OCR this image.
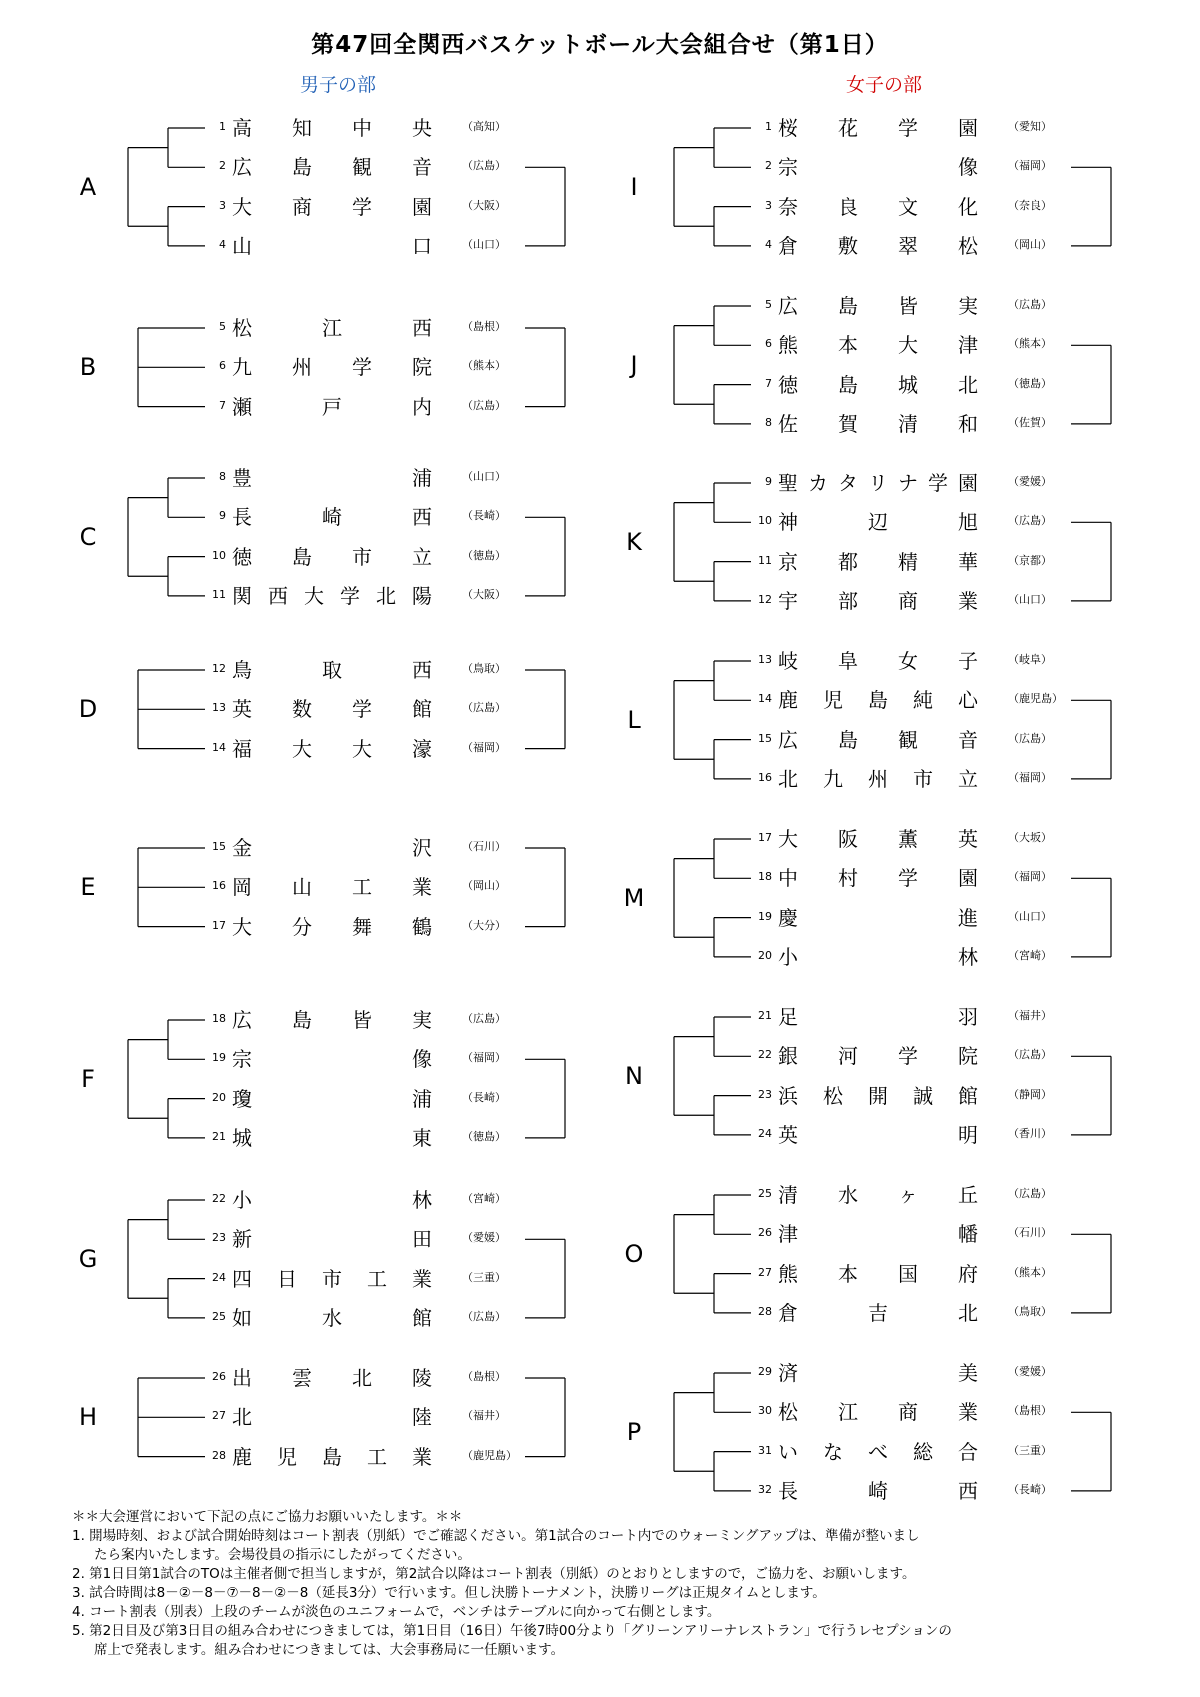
第47回全関西バスケットボール大会組合せ（第1日）
男子の部	女子の部
A
1 高 知 中 央	（高知）
2 広 島 観 音	（広島）
3 大 商 学 園	（大阪）
4 山	口	（山口）
B
5 松	江	西	（島根）
6 九 州 学 院	（熊本）
7 瀬	戸	内	（広島）
C
8 豊	浦	（山口）
9 長	崎	西	（長崎）
10 徳 島 市 立	（徳島）
11 関 西 大 学 北 陽	（大阪）
D
12 鳥	取	西	（鳥取）
13 英 数 学 館	（広島）
14 福 大 大 濠	（福岡）
E
15 金	沢	（石川）
16 岡 山 工 業	（岡山）
17 大 分 舞 鶴	（大分）
F
18 広 島 皆 実	（広島）
19 宗	像	（福岡）
20 瓊	浦	（長崎）
21 城	東	（徳島）
G
22 小	林	（宮崎）
23 新	田	（愛媛）
24 四 日 市 工 業	（三重）
25 如	水	館	（広島）
H
26 出 雲 北 陵	（島根）
27 北	陸	（福井）
28 鹿 児 島 工 業	（鹿児島）
I
1 桜 花 学 園	（愛知）
2 宗	像	（福岡）
3 奈 良 文 化	（奈良）
4 倉 敷 翠 松	（岡山）
J
5 広 島 皆 実	（広島）
6 熊 本 大 津	（熊本）
7 徳 島 城 北	（徳島）
8 佐 賀 清 和	（佐賀）
K
9 聖 カ タ リ ナ 学 園	（愛媛）
10 神	辺	旭	（広島）
11 京 都 精 華	（京都）
12 宇 部 商 業	（山口）
L
13 岐 阜 女 子	（岐阜）
14 鹿 児 島 純 心	（鹿児島）
15 広 島 観 音	（広島）
16 北 九 州 市 立	（福岡）
M
17 大 阪 薫 英	（大坂）
18 中 村 学 園	（福岡）
19 慶	進	（山口）
20 小	林	（宮崎）
N
21 足	羽	（福井）
22 銀 河 学 院	（広島）
23 浜 松 開 誠 館	（静岡）
24 英	明	（香川）
O
25 清 水 ヶ 丘	（広島）
26 津	幡	（石川）
27 熊 本 国 府	（熊本）
28 倉	吉	北	（鳥取）
P
29 済	美	（愛媛）
30 松 江 商 業	（島根）
31 い な べ 総 合	（三重）
32 長	崎	西	（長崎）
＊＊大会運営において下記の点にご協力お願いいたします。＊＊
1. 開場時刻、および試合開始時刻はコート割表（別紙）でご確認ください。第1試合のコート内でのウォーミングアップは、準備が整いまし
たら案内いたします。会場役員の指示にしたがってください。
2. 第1日目第1試合のTOは主催者側で担当しますが，第2試合以降はコート割表（別紙）のとおりとしますので，ご協力を、お願いします。
3. 試合時間は8－②－8－⑦－8－②－8（延長3分）で行います。但し決勝トーナメント，決勝リーグは正規タイムとします。
4. コート割表（別表）上段のチームが淡色のユニフォームで，ベンチはテーブルに向かって右側とします。
5. 第2日目及び第3日目の組み合わせにつきましては，第1日目（16日）午後7時00分より「グリーンアリーナレストラン」で行うレセプションの
席上で発表します。組み合わせにつきましては、大会事務局に一任願います。
